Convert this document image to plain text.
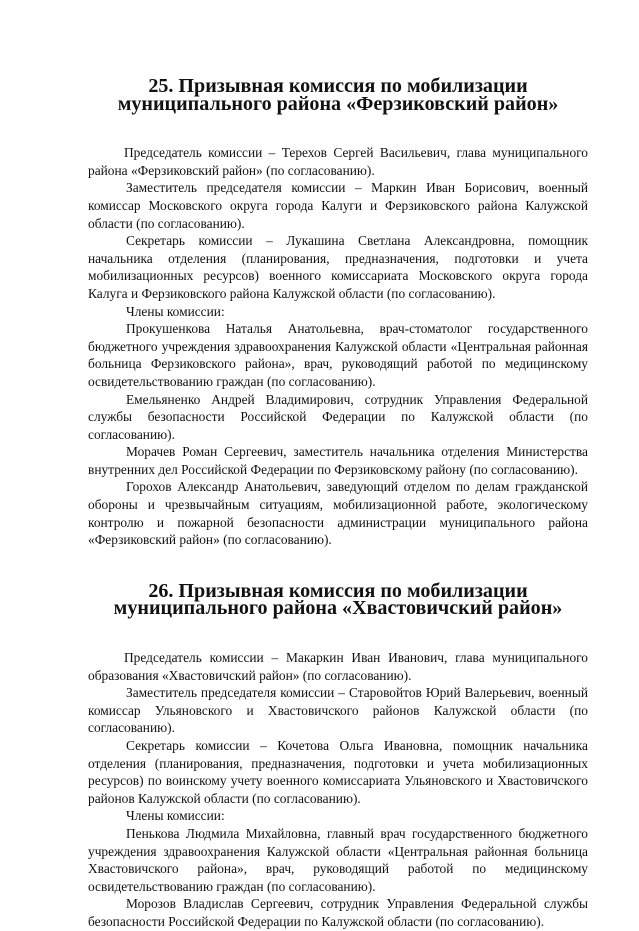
25. Призывная комиссия по мобилизации
муниципального района «Ферзиковский район»

Председатель комиссии – Терехов Сергей Васильевич, глава муниципального района «Ферзиковский район» (по согласованию).

Заместитель председателя комиссии – Маркин Иван Борисович, военный комиссар Московского округа города Калуги и Ферзиковского района Калужской области (по согласованию).

Секретарь комиссии – Лукашина Светлана Александровна, помощник начальника отделения (планирования, предназначения, подготовки и учета мобилизационных ресурсов) военного комиссариата Московского округа города Калуга и Ферзиковского района Калужской области (по согласованию).

Члены комиссии:

Прокушенкова Наталья Анатольевна, врач-стоматолог государственного бюджетного учреждения здравоохранения Калужской области «Центральная районная больница Ферзиковского района», врач, руководящий работой по медицинскому освидетельствованию граждан (по согласованию).

Емельяненко Андрей Владимирович, сотрудник Управления Федеральной службы безопасности Российской Федерации по Калужской области (по согласованию).

Морачев Роман Сергеевич, заместитель начальника отделения Министерства внутренних дел Российской Федерации по Ферзиковскому району (по согласованию).

Горохов Александр Анатольевич, заведующий отделом по делам гражданской обороны и чрезвычайным ситуациям, мобилизационной работе, экологическому контролю и пожарной безопасности администрации муниципального района «Ферзиковский район» (по согласованию).

26. Призывная комиссия по мобилизации
муниципального района «Хвастовичский район»

Председатель комиссии – Макаркин Иван Иванович, глава муниципального образования «Хвастовичский район» (по согласованию).

Заместитель председателя комиссии – Старовойтов Юрий Валерьевич, военный комиссар Ульяновского и Хвастовичского районов Калужской области (по согласованию).

Секретарь комиссии – Кочетова Ольга Ивановна, помощник начальника отделения (планирования, предназначения, подготовки и учета мобилизационных ресурсов) по воинскому учету военного комиссариата Ульяновского и Хвастовичского районов Калужской области (по согласованию).

Члены комиссии:

Пенькова Людмила Михайловна, главный врач государственного бюджетного учреждения здравоохранения Калужской области «Центральная районная больница Хвастовичского района», врач, руководящий работой по медицинскому освидетельствованию граждан (по согласованию).

Морозов Владислав Сергеевич, сотрудник Управления Федеральной службы безопасности Российской Федерации по Калужской области (по согласованию).
